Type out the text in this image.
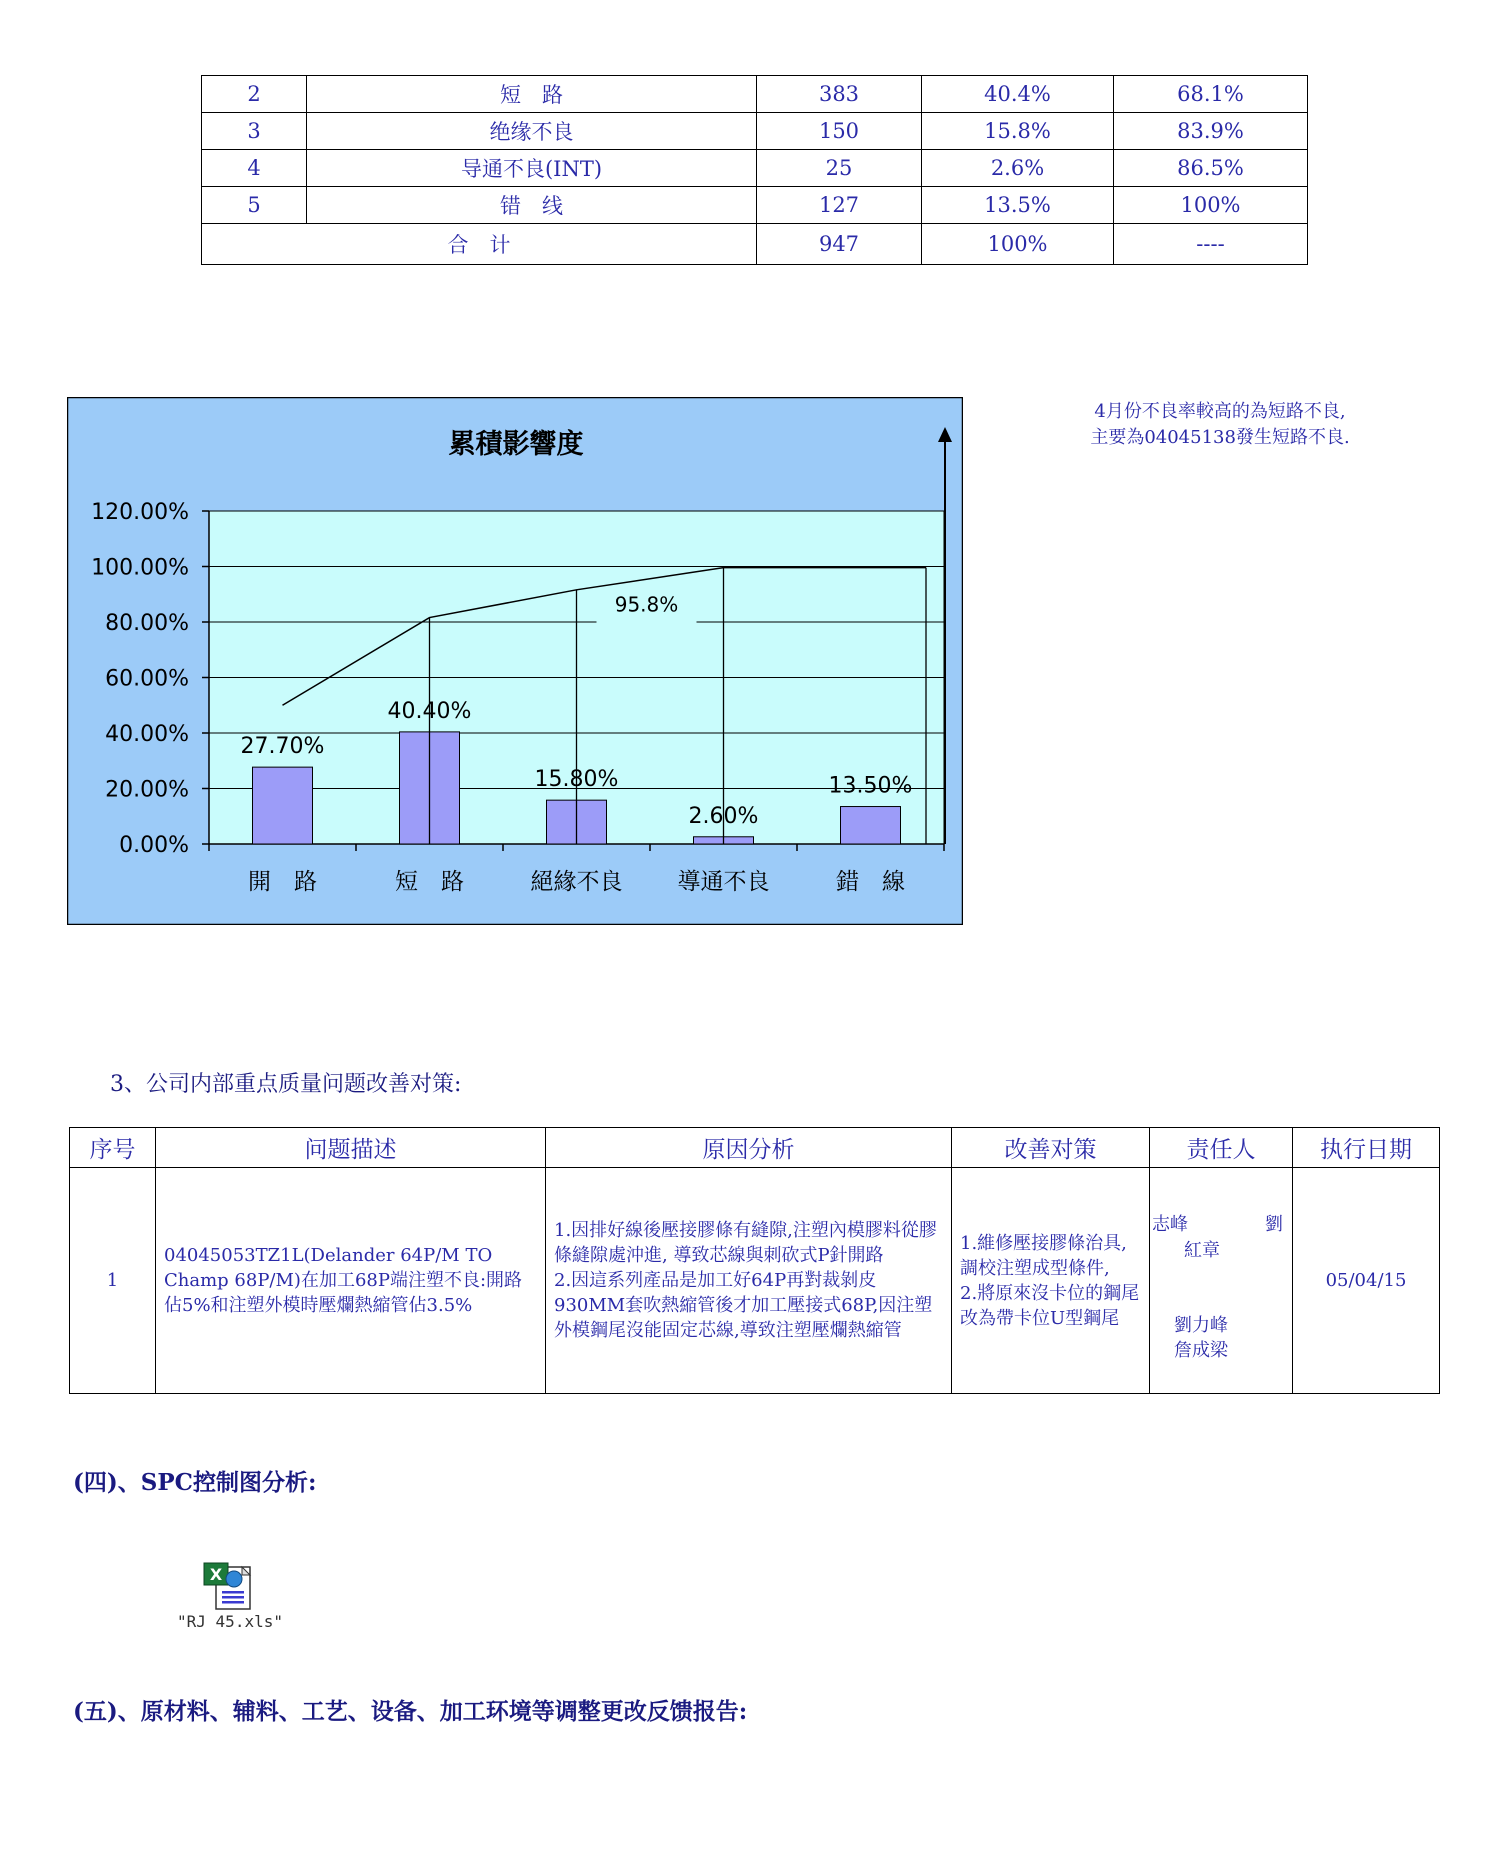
2	短　路	383	40.4%	68.1%
3	绝缘不良	150	15.8%	83.9%
4	导通不良(INT)	25	2.6%	86.5%
5	错　线	127	13.5%	100%
合　计		947	100%	----
累積影響度
0.00%
20.00%
40.00%
60.00%
80.00%
100.00%
120.00%
27.70%
開　路
40.40%
短　路
15.80%
絕緣不良
2.60%
導通不良
13.50%
錯　線
95.8%
4月份不良率較高的為短路不良,
主要為04045138發生短路不良.
3、公司内部重点质量问题改善对策:
序号	问题描述	原因分析	改善对策	责任人	执行日期
1	04045053TZ1L(Delander 64P/M TO Champ 68P/M)在加工68P端注塑不良:開路佔5%和注塑外模時壓爛熱縮管佔3.5%	1.因排好線後壓接膠條有縫隙,注塑內模膠料從膠條縫隙處沖進, 導致芯線與刺砍式P針開路
2.因這系列產品是加工好64P再對裁剝皮930MM套吹熱縮管後才加工壓接式68P,因注塑外模鋼尾沒能固定芯線,導致注塑壓爛熱縮管	1.維修壓接膠條治具,調校注塑成型條件,
2.將原來沒卡位的鋼尾改為帶卡位U型鋼尾	志峰 劉
紅章
劉力峰
詹成梁	05/04/15
(四)、SPC控制图分析:
X
"RJ 45.xls"
(五)、原材料、辅料、工艺、设备、加工环境等调整更改反馈报告:
